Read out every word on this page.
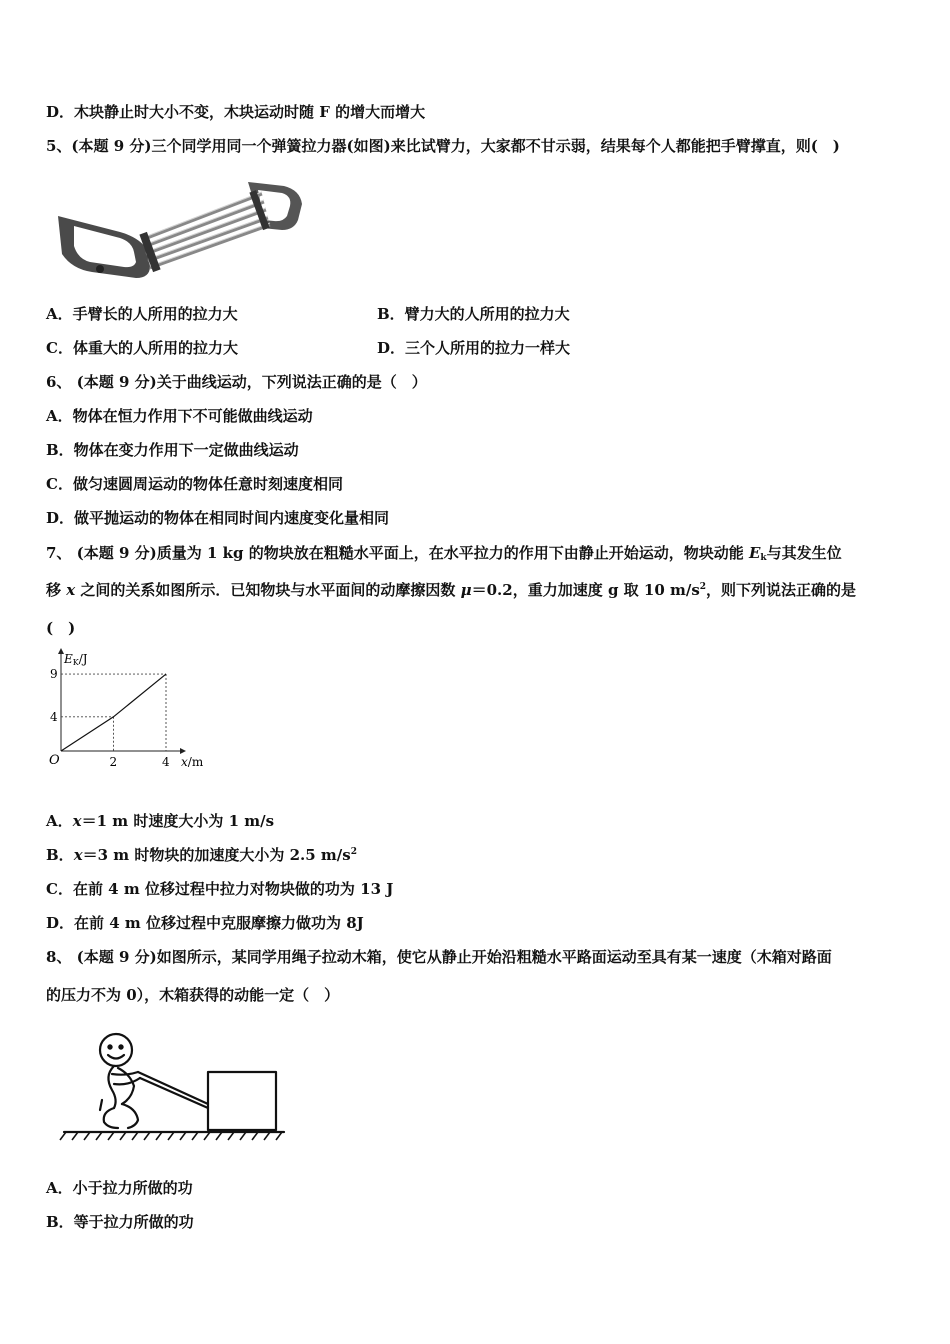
D．木块静止时大小不变，木块运动时随 F 的增大而增大
5、(本题 9 分)三个同学用同一个弹簧拉力器(如图)来比试臂力，大家都不甘示弱，结果每个人都能把手臂撑直，则(　)
A．手臂长的人所用的拉力大	B．臂力大的人所用的拉力大
C．体重大的人所用的拉力大	D．三个人所用的拉力一样大
6、 (本题 9 分)关于曲线运动，下列说法正确的是（　）
A．物体在恒力作用下不可能做曲线运动
B．物体在变力作用下一定做曲线运动
C．做匀速圆周运动的物体任意时刻速度相同
D．做平抛运动的物体在相同时间内速度变化量相同
7、 (本题 9 分)质量为 1 kg 的物块放在粗糙水平面上，在水平拉力的作用下由静止开始运动，物块动能 $E_k$与其发生位
移 x 之间的关系如图所示．已知物块与水平面间的动摩擦因数 μ＝0.2，重力加速度 g 取 10 $m/s^2$，则下列说法正确的是
(　)
EK/J
x/m
O	2	4
4
9
A．x＝1 m 时速度大小为 1 m/s
B．x＝3 m 时物块的加速度大小为 2.5 $m/s^2$
C．在前 4 m 位移过程中拉力对物块做的功为 13 J
D．在前 4 m 位移过程中克服摩擦力做功为 8J
8、 (本题 9 分)如图所示，某同学用绳子拉动木箱，使它从静止开始沿粗糙水平路面运动至具有某一速度（木箱对路面
的压力不为 0），木箱获得的动能一定（　）
A．小于拉力所做的功
B．等于拉力所做的功
